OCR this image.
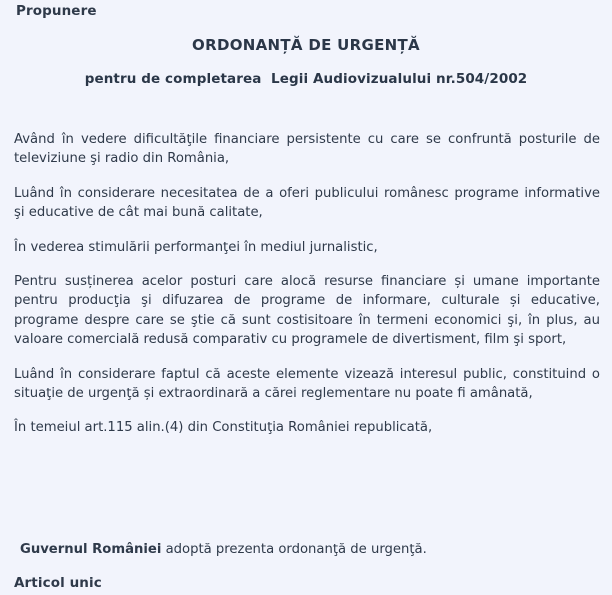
Propunere
ORDONANȚĂ DE URGENȚĂ
pentru de completarea  Legii Audiovizualului nr.504/2002

Având în vedere dificultăţile financiare persistente cu care se confruntă posturile de televiziune şi radio din România,

Luând în considerare necesitatea de a oferi publicului românesc programe informative şi educative de cât mai bună calitate,

În vederea stimulării performanţei în mediul jurnalistic,

Pentru susținerea acelor posturi care alocă resurse financiare și umane importante pentru producţia şi difuzarea de programe de informare, culturale și educative, programe despre care se ştie că sunt costisitoare în termeni economici şi, în plus, au valoare comercială redusă comparativ cu programele de divertisment, film şi sport,

Luând în considerare faptul că aceste elemente vizează interesul public, constituind o situaţie de urgenţă și extraordinară a cărei reglementare nu poate fi amânată,

În temeiul art.115 alin.(4) din Constituţia României republicată,

Guvernul României adoptă prezenta ordonanţă de urgenţă.

Articol unic
